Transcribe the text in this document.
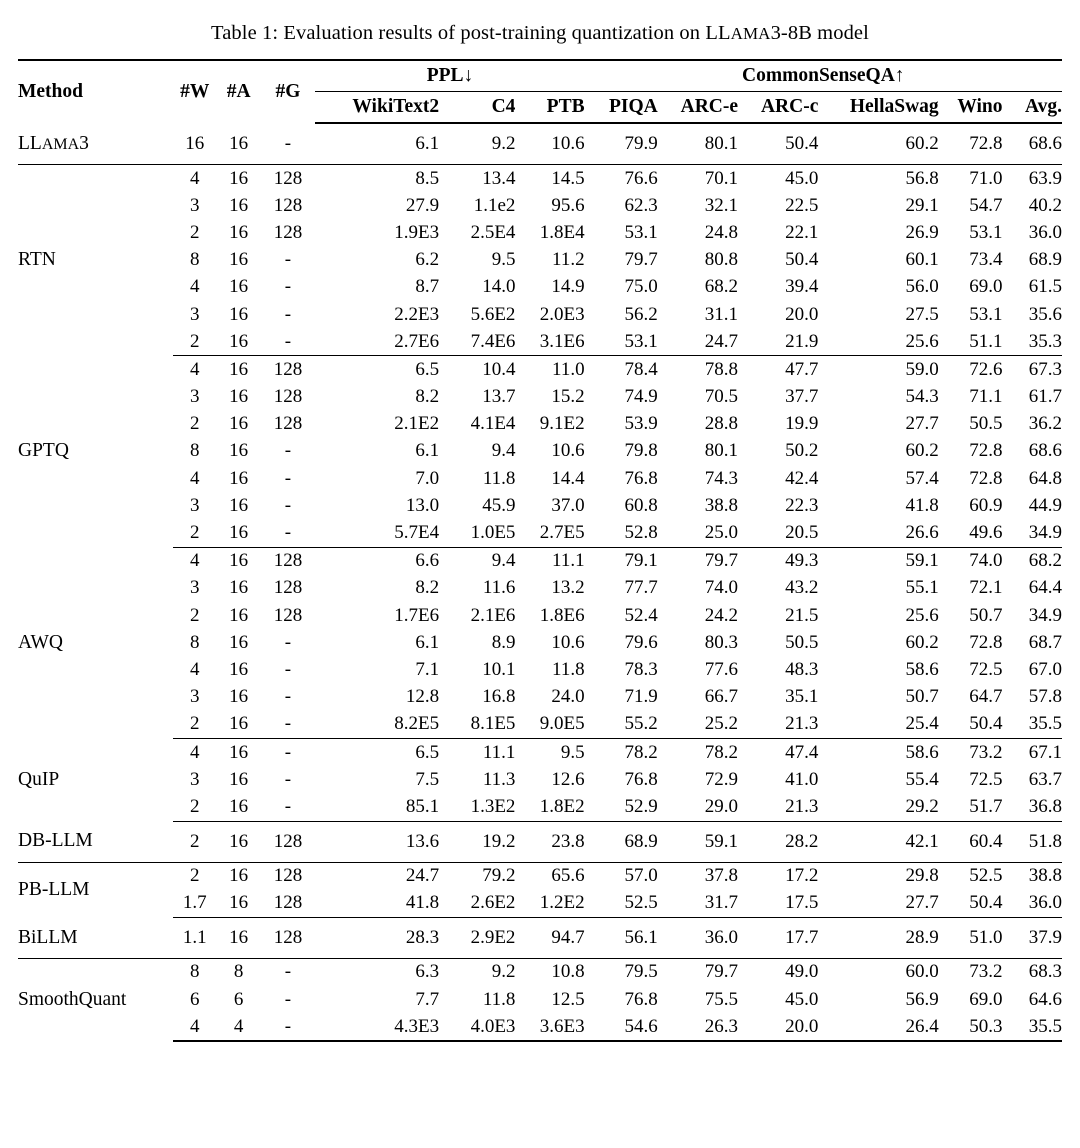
Table 1: Evaluation results of post-training quantization on LLAMA3-8B model
Method	#W	#A	#G	PPL↓			CommonSenseQA↑					
				WikiText2	C4	PTB	PIQA	ARC-e	ARC-c	HellaSwag	Wino	Avg.
LLAMA3	16	16	-	6.1	9.2	10.6	79.9	80.1	50.4	60.2	72.8	68.6
RTN	4	16	128	8.5	13.4	14.5	76.6	70.1	45.0	56.8	71.0	63.9
	3	16	128	27.9	1.1e2	95.6	62.3	32.1	22.5	29.1	54.7	40.2
	2	16	128	1.9E3	2.5E4	1.8E4	53.1	24.8	22.1	26.9	53.1	36.0
	8	16	-	6.2	9.5	11.2	79.7	80.8	50.4	60.1	73.4	68.9
	4	16	-	8.7	14.0	14.9	75.0	68.2	39.4	56.0	69.0	61.5
	3	16	-	2.2E3	5.6E2	2.0E3	56.2	31.1	20.0	27.5	53.1	35.6
	2	16	-	2.7E6	7.4E6	3.1E6	53.1	24.7	21.9	25.6	51.1	35.3
GPTQ	4	16	128	6.5	10.4	11.0	78.4	78.8	47.7	59.0	72.6	67.3
	3	16	128	8.2	13.7	15.2	74.9	70.5	37.7	54.3	71.1	61.7
	2	16	128	2.1E2	4.1E4	9.1E2	53.9	28.8	19.9	27.7	50.5	36.2
	8	16	-	6.1	9.4	10.6	79.8	80.1	50.2	60.2	72.8	68.6
	4	16	-	7.0	11.8	14.4	76.8	74.3	42.4	57.4	72.8	64.8
	3	16	-	13.0	45.9	37.0	60.8	38.8	22.3	41.8	60.9	44.9
	2	16	-	5.7E4	1.0E5	2.7E5	52.8	25.0	20.5	26.6	49.6	34.9
AWQ	4	16	128	6.6	9.4	11.1	79.1	79.7	49.3	59.1	74.0	68.2
	3	16	128	8.2	11.6	13.2	77.7	74.0	43.2	55.1	72.1	64.4
	2	16	128	1.7E6	2.1E6	1.8E6	52.4	24.2	21.5	25.6	50.7	34.9
	8	16	-	6.1	8.9	10.6	79.6	80.3	50.5	60.2	72.8	68.7
	4	16	-	7.1	10.1	11.8	78.3	77.6	48.3	58.6	72.5	67.0
	3	16	-	12.8	16.8	24.0	71.9	66.7	35.1	50.7	64.7	57.8
	2	16	-	8.2E5	8.1E5	9.0E5	55.2	25.2	21.3	25.4	50.4	35.5
QuIP	4	16	-	6.5	11.1	9.5	78.2	78.2	47.4	58.6	73.2	67.1
	3	16	-	7.5	11.3	12.6	76.8	72.9	41.0	55.4	72.5	63.7
	2	16	-	85.1	1.3E2	1.8E2	52.9	29.0	21.3	29.2	51.7	36.8
DB-LLM	2	16	128	13.6	19.2	23.8	68.9	59.1	28.2	42.1	60.4	51.8
PB-LLM	2	16	128	24.7	79.2	65.6	57.0	37.8	17.2	29.8	52.5	38.8
	1.7	16	128	41.8	2.6E2	1.2E2	52.5	31.7	17.5	27.7	50.4	36.0
BiLLM	1.1	16	128	28.3	2.9E2	94.7	56.1	36.0	17.7	28.9	51.0	37.9
SmoothQuant	8	8	-	6.3	9.2	10.8	79.5	79.7	49.0	60.0	73.2	68.3
	6	6	-	7.7	11.8	12.5	76.8	75.5	45.0	56.9	69.0	64.6
	4	4	-	4.3E3	4.0E3	3.6E3	54.6	26.3	20.0	26.4	50.3	35.5
